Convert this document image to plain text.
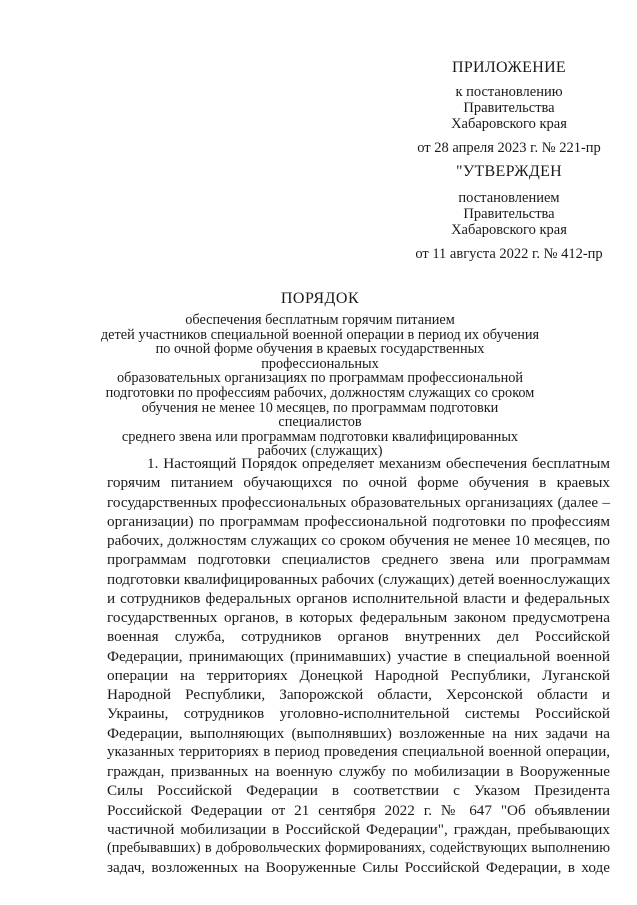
ПРИЛОЖЕНИЕ
к постановлению
Правительства
Хабаровского края
от 28 апреля 2023 г. № 221-пр
"УТВЕРЖДЕН
постановлением
Правительства
Хабаровского края
от 11 августа 2022 г. № 412-пр
ПОРЯДОК
обеспечения бесплатным горячим питанием
детей участников специальной военной операции в период их обучения
по очной форме обучения в краевых государственных профессиональных
образовательных организациях по программам профессиональной
подготовки по профессиям рабочих, должностям служащих со сроком
обучения не менее 10 месяцев, по программам подготовки специалистов
среднего звена или программам подготовки квалифицированных
рабочих (служащих)
1. Настоящий Порядок определяет механизм обеспечения бесплатным
горячим питанием обучающихся по очной форме обучения в краевых
государственных профессиональных образовательных организациях (далее –
организации) по программам профессиональной подготовки по профессиям
рабочих, должностям служащих со сроком обучения не менее 10 месяцев, по
программам подготовки специалистов среднего звена или программам
подготовки квалифицированных рабочих (служащих) детей военнослужащих
и сотрудников федеральных органов исполнительной власти и федеральных
государственных органов, в которых федеральным законом предусмотрена
военная служба, сотрудников органов внутренних дел Российской
Федерации, принимающих (принимавших) участие в специальной военной
операции на территориях Донецкой Народной Республики, Луганской
Народной Республики, Запорожской области, Херсонской области и
Украины, сотрудников уголовно-исполнительной системы Российской
Федерации, выполняющих (выполнявших) возложенные на них задачи на
указанных территориях в период проведения специальной военной операции,
граждан, призванных на военную службу по мобилизации в Вооруженные
Силы Российской Федерации в соответствии с Указом Президента
Российской Федерации от 21 сентября 2022 г. № 647 "Об объявлении
частичной мобилизации в Российской Федерации", граждан, пребывающих
(пребывавших) в добровольческих формированиях, содействующих выполнению
задач, возложенных на Вооруженные Силы Российской Федерации, в ходе
